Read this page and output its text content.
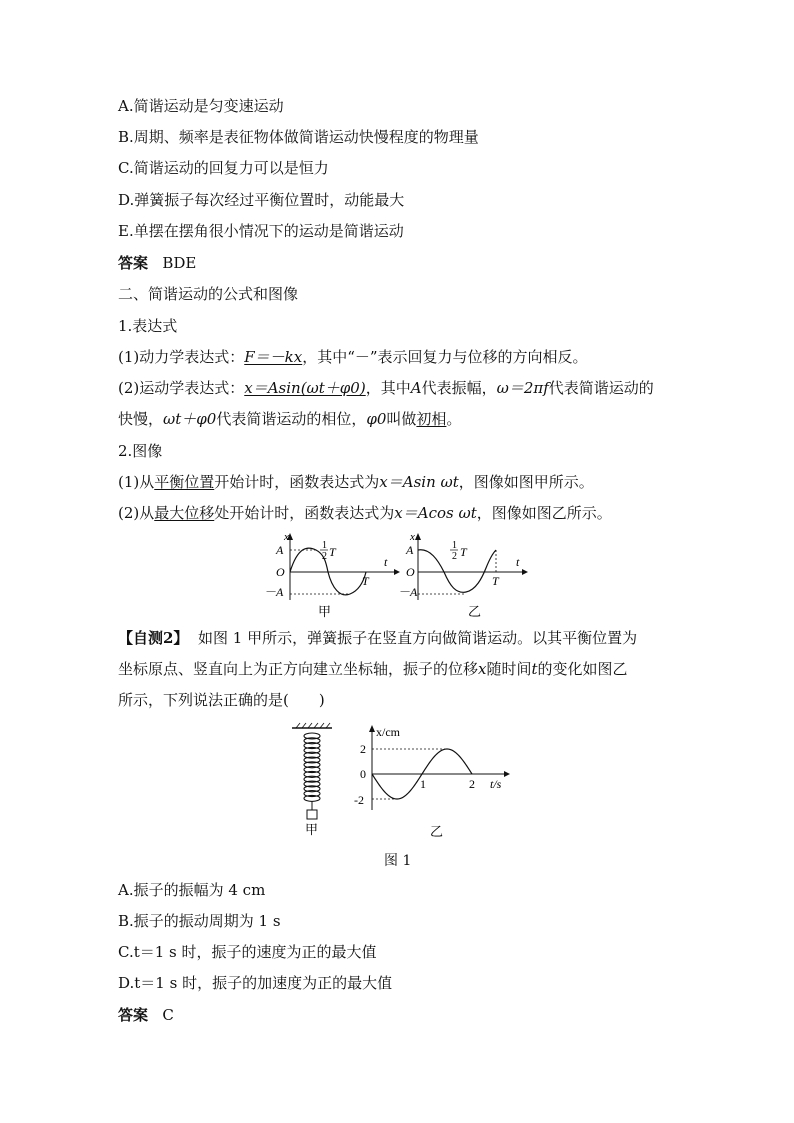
A.简谐运动是匀变速运动
B.周期、频率是表征物体做简谐运动快慢程度的物理量
C.简谐运动的回复力可以是恒力
D.弹簧振子每次经过平衡位置时，动能最大
E.单摆在摆角很小情况下的运动是简谐运动
答案 BDE
二、简谐运动的公式和图像
1.表达式
(1)动力学表达式：F＝－kx，其中“－”表示回复力与位移的方向相反。
(2)运动学表达式：x＝Asin(ωt＋φ0)，其中A代表振幅，ω＝2πf代表简谐运动的
快慢，ωt＋φ0代表简谐运动的相位，φ0叫做初相。
2.图像
(1)从平衡位置开始计时，函数表达式为x＝Asin ωt，图像如图甲所示。
(2)从最大位移处开始计时，函数表达式为x＝Acos ωt，图像如图乙所示。
x
A
O
－A
1
2 T
T
t
甲
x
A
O
－A
1
2 T
T
t
乙
【自测2】 如图 1 甲所示，弹簧振子在竖直方向做简谐运动。以其平衡位置为
坐标原点、竖直向上为正方向建立坐标轴，振子的位移x随时间t的变化如图乙
所示，下列说法正确的是(　　)
甲
x/cm
2
0
-2
1	2 t/s
乙
图 1
A.振子的振幅为 4 cm
B.振子的振动周期为 1 s
C.t＝1 s 时，振子的速度为正的最大值
D.t＝1 s 时，振子的加速度为正的最大值
答案 C
